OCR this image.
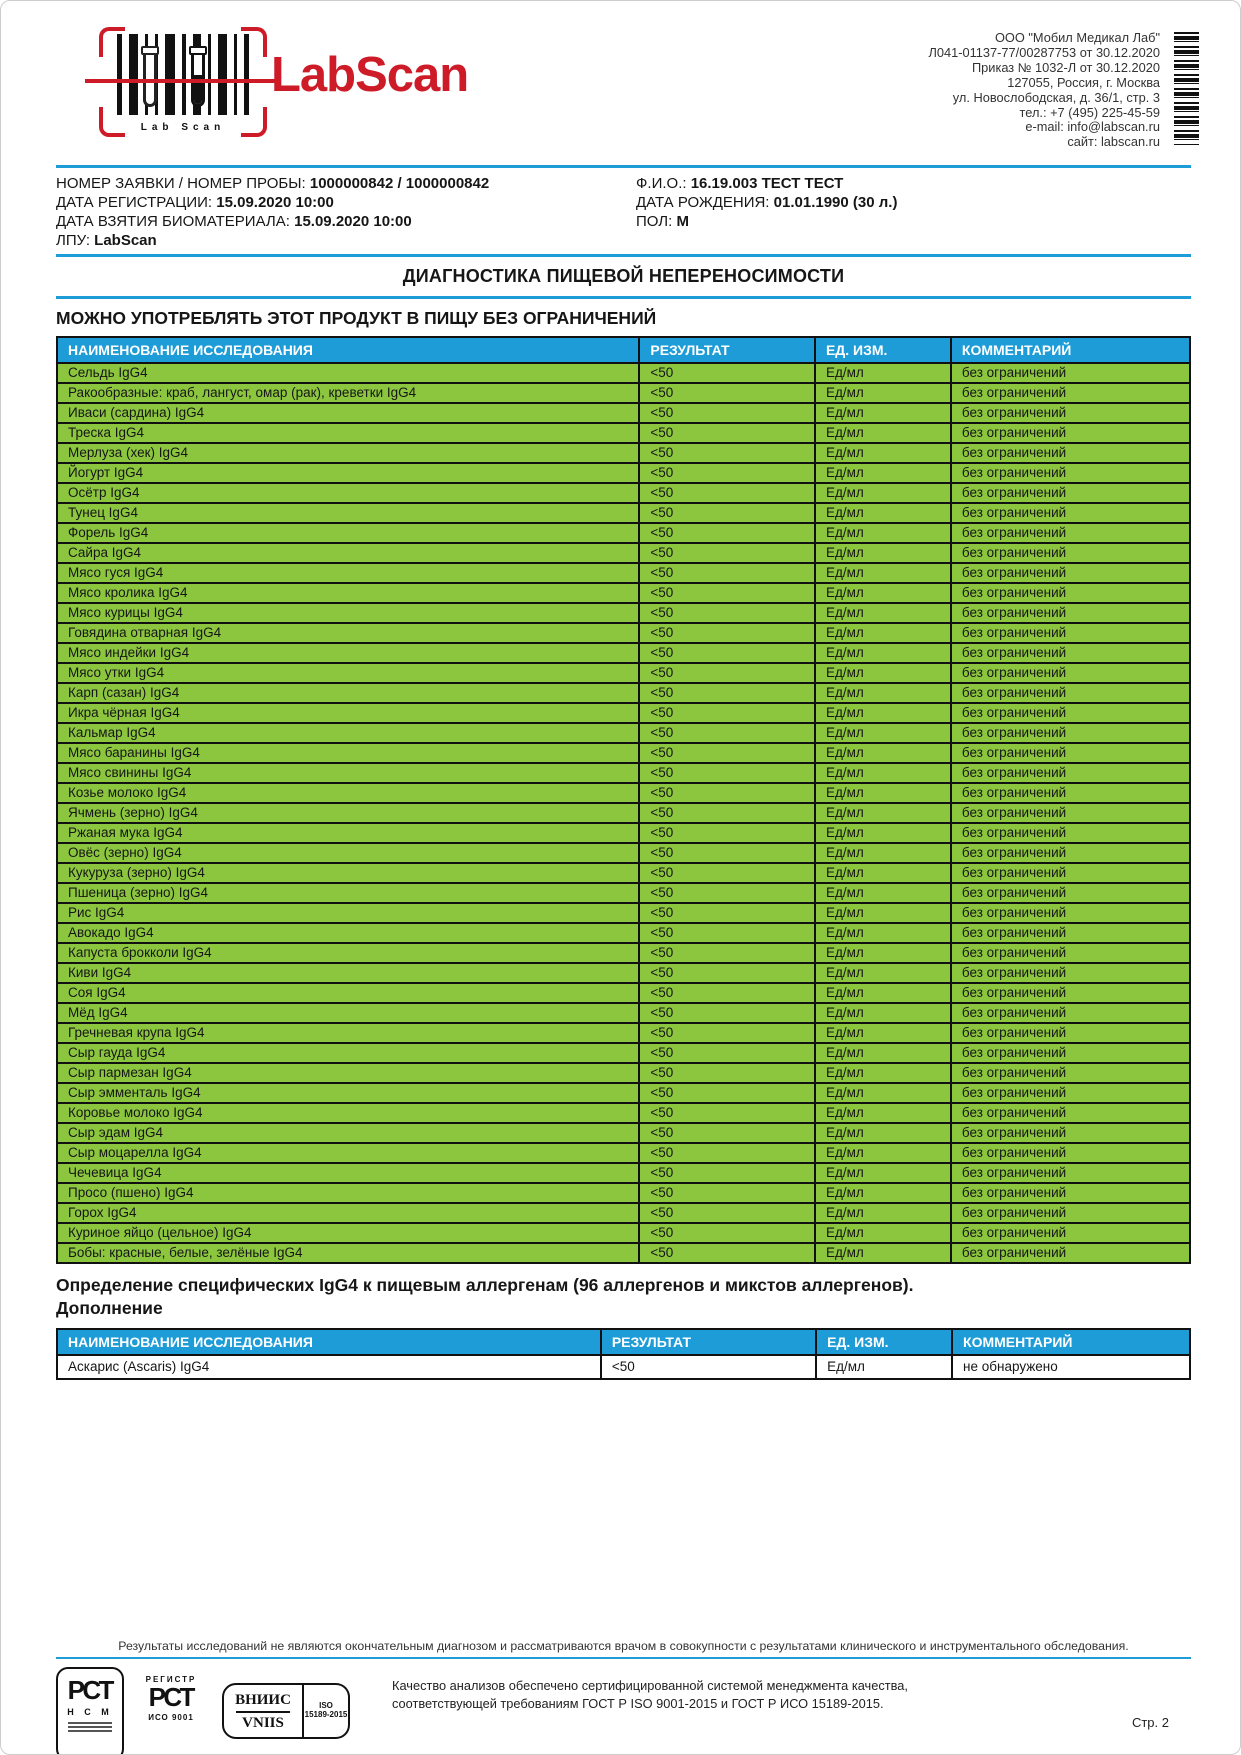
Lab Scan
LabScan
ООО "Мобил Медикал Лаб"
Л041-01137-77/00287753 от 30.12.2020
Приказ № 1032-Л от 30.12.2020
127055, Россия, г. Москва
ул. Новослободская, д. 36/1, стр. 3
тел.: +7 (495) 225-45-59
e-mail: info@labscan.ru
сайт: labscan.ru
НОМЕР ЗАЯВКИ / НОМЕР ПРОБЫ: 1000000842 / 1000000842
ДАТА РЕГИСТРАЦИИ: 15.09.2020 10:00
ДАТА ВЗЯТИЯ БИОМАТЕРИАЛА: 15.09.2020 10:00
ЛПУ: LabScan
Ф.И.О.: 16.19.003 ТЕСТ ТЕСТ
ДАТА РОЖДЕНИЯ: 01.01.1990 (30 л.)
ПОЛ: М
ДИАГНОСТИКА ПИЩЕВОЙ НЕПЕРЕНОСИМОСТИ
МОЖНО УПОТРЕБЛЯТЬ ЭТОТ ПРОДУКТ В ПИЩУ БЕЗ ОГРАНИЧЕНИЙ
НАИМЕНОВАНИЕ ИССЛЕДОВАНИЯ	РЕЗУЛЬТАТ	ЕД. ИЗМ.	КОММЕНТАРИЙ
Сельдь IgG4	<50	Ед/мл	без ограничений
Ракообразные: краб, лангуст, омар (рак), креветки IgG4	<50	Ед/мл	без ограничений
Иваси (сардина) IgG4	<50	Ед/мл	без ограничений
Треска IgG4	<50	Ед/мл	без ограничений
Мерлуза (хек) IgG4	<50	Ед/мл	без ограничений
Йогурт IgG4	<50	Ед/мл	без ограничений
Осётр IgG4	<50	Ед/мл	без ограничений
Тунец IgG4	<50	Ед/мл	без ограничений
Форель IgG4	<50	Ед/мл	без ограничений
Сайра IgG4	<50	Ед/мл	без ограничений
Мясо гуся IgG4	<50	Ед/мл	без ограничений
Мясо кролика IgG4	<50	Ед/мл	без ограничений
Мясо курицы IgG4	<50	Ед/мл	без ограничений
Говядина отварная IgG4	<50	Ед/мл	без ограничений
Мясо индейки IgG4	<50	Ед/мл	без ограничений
Мясо утки IgG4	<50	Ед/мл	без ограничений
Карп (сазан) IgG4	<50	Ед/мл	без ограничений
Икра чёрная IgG4	<50	Ед/мл	без ограничений
Кальмар IgG4	<50	Ед/мл	без ограничений
Мясо баранины IgG4	<50	Ед/мл	без ограничений
Мясо свинины IgG4	<50	Ед/мл	без ограничений
Козье молоко IgG4	<50	Ед/мл	без ограничений
Ячмень (зерно) IgG4	<50	Ед/мл	без ограничений
Ржаная мука IgG4	<50	Ед/мл	без ограничений
Овёс (зерно) IgG4	<50	Ед/мл	без ограничений
Кукуруза (зерно) IgG4	<50	Ед/мл	без ограничений
Пшеница (зерно) IgG4	<50	Ед/мл	без ограничений
Рис IgG4	<50	Ед/мл	без ограничений
Авокадо IgG4	<50	Ед/мл	без ограничений
Капуста брокколи IgG4	<50	Ед/мл	без ограничений
Киви IgG4	<50	Ед/мл	без ограничений
Соя IgG4	<50	Ед/мл	без ограничений
Мёд IgG4	<50	Ед/мл	без ограничений
Гречневая крупа IgG4	<50	Ед/мл	без ограничений
Сыр гауда IgG4	<50	Ед/мл	без ограничений
Сыр пармезан IgG4	<50	Ед/мл	без ограничений
Сыр эмменталь IgG4	<50	Ед/мл	без ограничений
Коровье молоко IgG4	<50	Ед/мл	без ограничений
Сыр эдам IgG4	<50	Ед/мл	без ограничений
Сыр моцарелла IgG4	<50	Ед/мл	без ограничений
Чечевица IgG4	<50	Ед/мл	без ограничений
Просо (пшено) IgG4	<50	Ед/мл	без ограничений
Горох IgG4	<50	Ед/мл	без ограничений
Куриное яйцо (цельное) IgG4	<50	Ед/мл	без ограничений
Бобы: красные, белые, зелёные IgG4	<50	Ед/мл	без ограничений
Определение специфических IgG4 к пищевым аллергенам (96 аллергенов и микстов аллергенов).
Дополнение
НАИМЕНОВАНИЕ ИССЛЕДОВАНИЯ	РЕЗУЛЬТАТ	ЕД. ИЗМ.	КОММЕНТАРИЙ
Аскарис (Ascaris) IgG4	<50	Ед/мл	не обнаружено

Результаты исследований не являются окончательным диагнозом и рассматриваются врачом в совокупности с результатами клинического и инструментального обследования.

РСТ
Н С М
РЕГИСТР
РСТ
ИСО 9001
ВНИИС
VNIIS
ISO
15189-2015
Качество анализов обеспечено сертифицированной системой менеджмента качества,
соответствующей требованиям ГОСТ Р ISO 9001-2015 и ГОСТ Р ИСО 15189-2015.
Стр. 2
